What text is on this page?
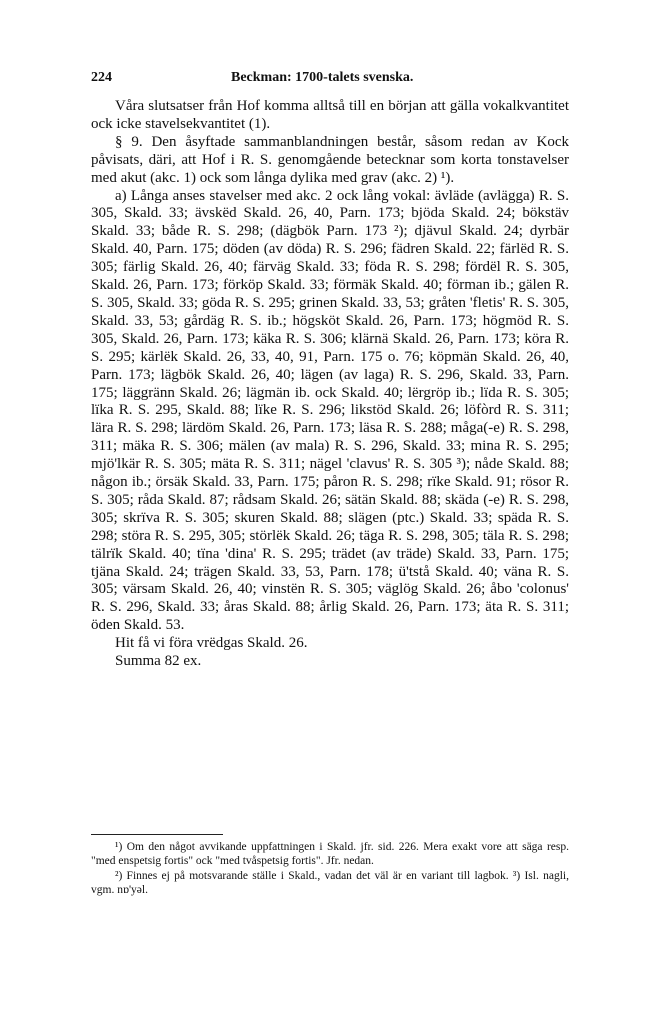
224	Beckman: 1700-talets svenska.

Våra slutsatser från Hof komma alltså till en början att gälla vokalkvantitet ock icke stavelsekvantitet (1).

§ 9. Den åsyftade sammanblandningen består, såsom redan av Kock påvisats, däri, att Hof i R. S. genomgående betecknar som korta tonstavelser med akut (akc. 1) ock som långa dylika med grav (akc. 2) ¹).

a) Långa anses stavelser med akc. 2 ock lång vokal: ävläde (avlägga) R. S. 305, Skald. 33; ävskëd Skald. 26, 40, Parn. 173; bjöda Skald. 24; bökstäv Skald. 33; både R. S. 298; (dägbök Parn. 173 ²); djävul Skald. 24; dyrbär Skald. 40, Parn. 175; döden (av döda) R. S. 296; fädren Skald. 22; färlëd R. S. 305; färlig Skald. 26, 40; färväg Skald. 33; föda R. S. 298; fördël R. S. 305, Skald. 26, Parn. 173; förköp Skald. 33; förmäk Skald. 40; förman ib.; gälen R. S. 305, Skald. 33; göda R. S. 295; grinen Skald. 33, 53; gråten 'fletis' R. S. 305, Skald. 33, 53; gårdäg R. S. ib.; högsköt Skald. 26, Parn. 173; högmöd R. S. 305, Skald. 26, Parn. 173; käka R. S. 306; klärnä Skald. 26, Parn. 173; köra R. S. 295; kärlëk Skald. 26, 33, 40, 91, Parn. 175 o. 76; köpmän Skald. 26, 40, Parn. 173; lägbök Skald. 26, 40; lägen (av laga) R. S. 296, Skald. 33, Parn. 175; läggränn Skald. 26; lägmän ib. ock Skald. 40; lërgröp ib.; lïda R. S. 305; lïka R. S. 295, Skald. 88; lïke R. S. 296; likstöd Skald. 26; löfòrd R. S. 311; lära R. S. 298; lärdöm Skald. 26, Parn. 173; läsa R. S. 288; måga(-e) R. S. 298, 311; mäka R. S. 306; mälen (av mala) R. S. 296, Skald. 33; mina R. S. 295; mjö'lkär R. S. 305; mäta R. S. 311; nägel 'clavus' R. S. 305 ³); nåde Skald. 88; någon ib.; örsäk Skald. 33, Parn. 175; påron R. S. 298; rïke Skald. 91; rösor R. S. 305; råda Skald. 87; rådsam Skald. 26; sätän Skald. 88; skäda (-e) R. S. 298, 305; skrïva R. S. 305; skuren Skald. 88; slägen (ptc.) Skald. 33; späda R. S. 298; störa R. S. 295, 305; störlëk Skald. 26; täga R. S. 298, 305; täla R. S. 298; tälrïk Skald. 40; tïna 'dina' R. S. 295; trädet (av träde) Skald. 33, Parn. 175; tjäna Skald. 24; trägen Skald. 33, 53, Parn. 178; ü'tstå Skald. 40; väna R. S. 305; värsam Skald. 26, 40; vinstën R. S. 305; väglög Skald. 26; åbo 'colonus' R. S. 296, Skald. 33; åras Skald. 88; årlig Skald. 26, Parn. 173; äta R. S. 311; öden Skald. 53.

Hit få vi föra vrëdgas Skald. 26.

Summa 82 ex.

¹) Om den något avvikande uppfattningen i Skald. jfr. sid. 226. Mera exakt vore att säga resp. "med enspetsig fortis" ock "med tvåspetsig fortis". Jfr. nedan.

²) Finnes ej på motsvarande ställe i Skald., vadan det väl är en variant till lagbok. ³) Isl. nagli, vgm. nɒ'yəl.
